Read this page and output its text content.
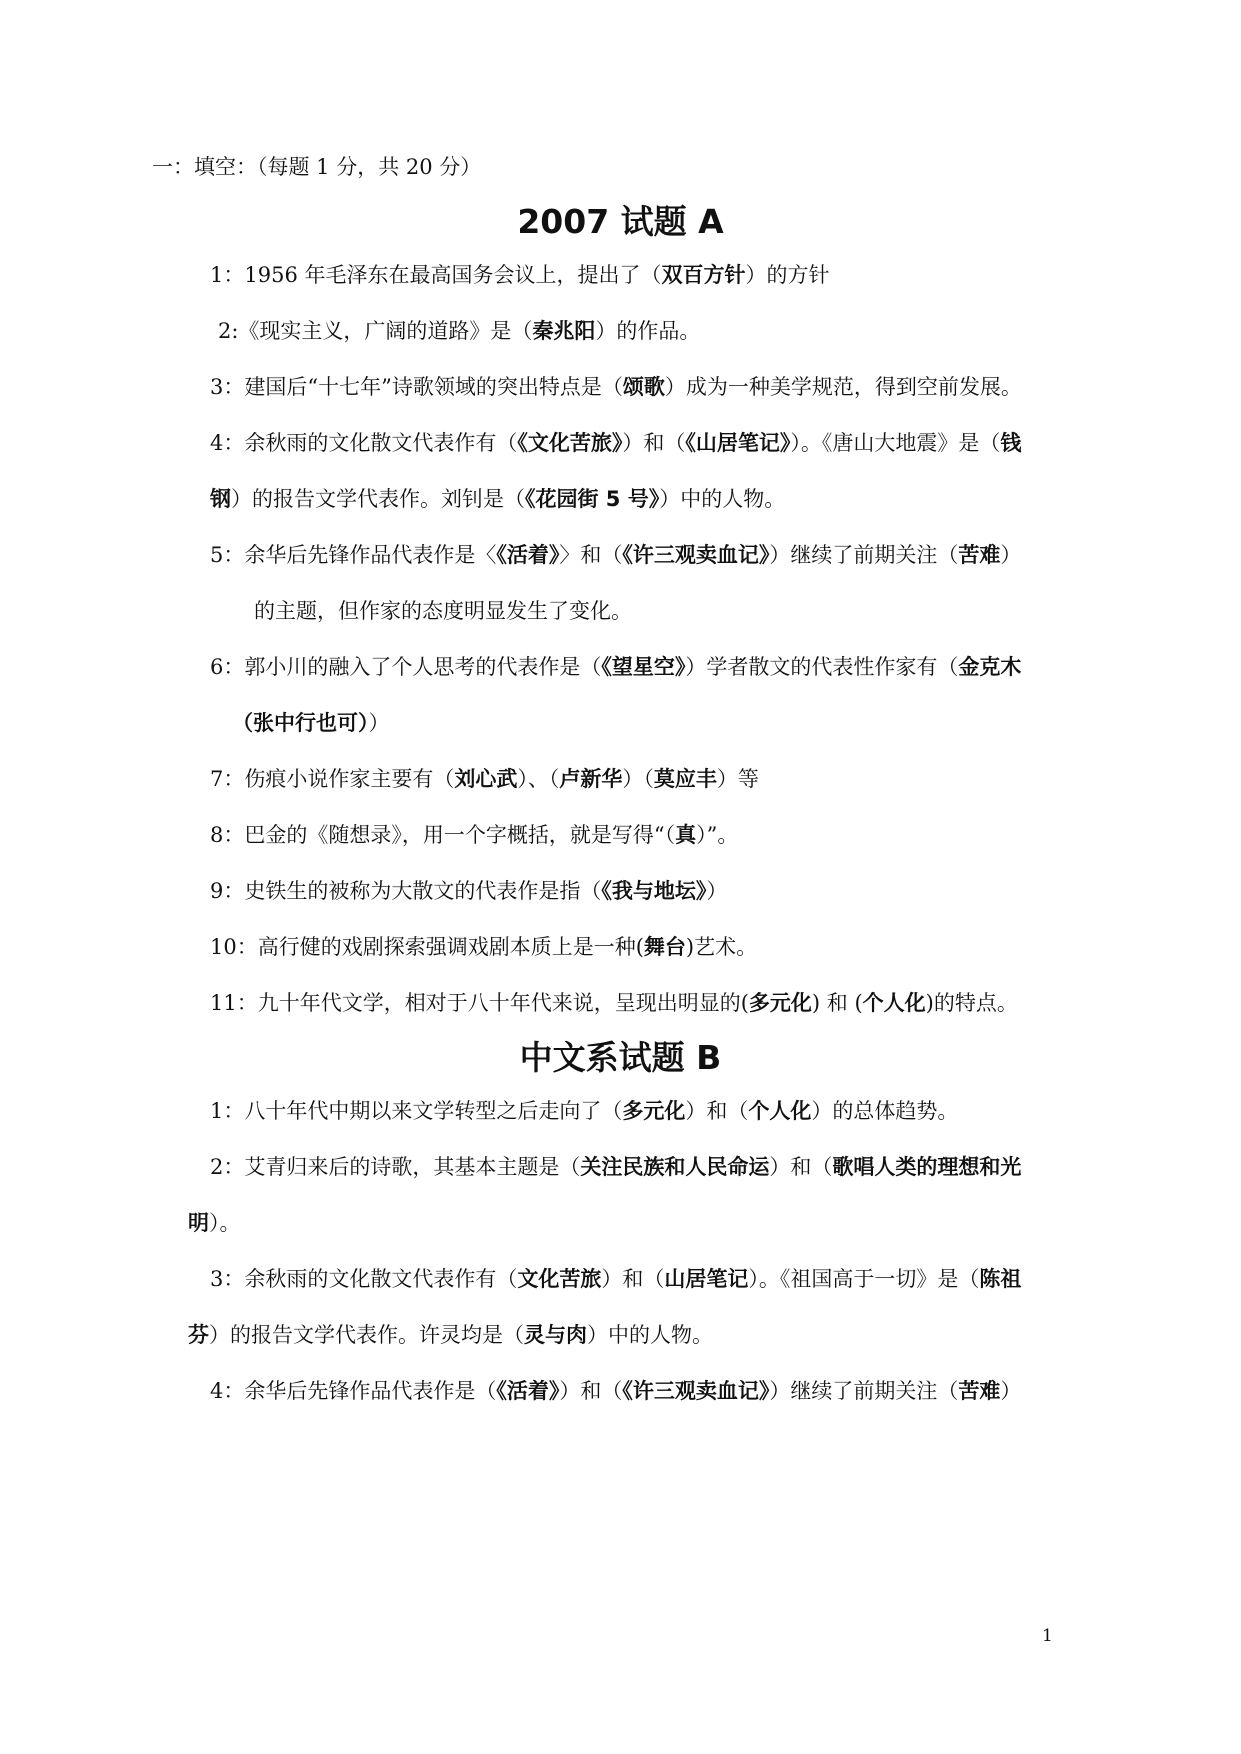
一：填空：（每题 1 分，共 20 分）

2007 试题 A

1：1956 年毛泽东在最高国务会议上，提出了（双百方针）的方针

2:《现实主义，广阔的道路》是（秦兆阳）的作品。

3：建国后“十七年”诗歌领域的突出特点是（颂歌）成为一种美学规范，得到空前发展。

4：余秋雨的文化散文代表作有（《文化苦旅》）和（《山居笔记》）。《唐山大地震》是（钱

钢）的报告文学代表作。刘钊是（《花园街 5 号》）中的人物。

5：余华后先锋作品代表作是〈《活着》〉和（《许三观卖血记》）继续了前期关注（苦难）

的主题，但作家的态度明显发生了变化。

6：郭小川的融入了个人思考的代表作是（《望星空》）学者散文的代表性作家有（金克木

（张中行也可））

7：伤痕小说作家主要有（刘心武）、（卢新华）（莫应丰）等

8：巴金的《随想录》，用一个字概括，就是写得“（真）”。

9：史铁生的被称为大散文的代表作是指（《我与地坛》）

10：高行健的戏剧探索强调戏剧本质上是一种(舞台)艺术。

11：九十年代文学，相对于八十年代来说，呈现出明显的(多元化) 和 (个人化)的特点。

中文系试题 B

1：八十年代中期以来文学转型之后走向了（多元化）和（个人化）的总体趋势。

2：艾青归来后的诗歌，其基本主题是（关注民族和人民命运）和（歌唱人类的理想和光

明）。

3：余秋雨的文化散文代表作有（文化苦旅）和（山居笔记）。《祖国高于一切》是（陈祖

芬）的报告文学代表作。许灵均是（灵与肉）中的人物。

4：余华后先锋作品代表作是（《活着》）和（《许三观卖血记》）继续了前期关注（苦难）

1
